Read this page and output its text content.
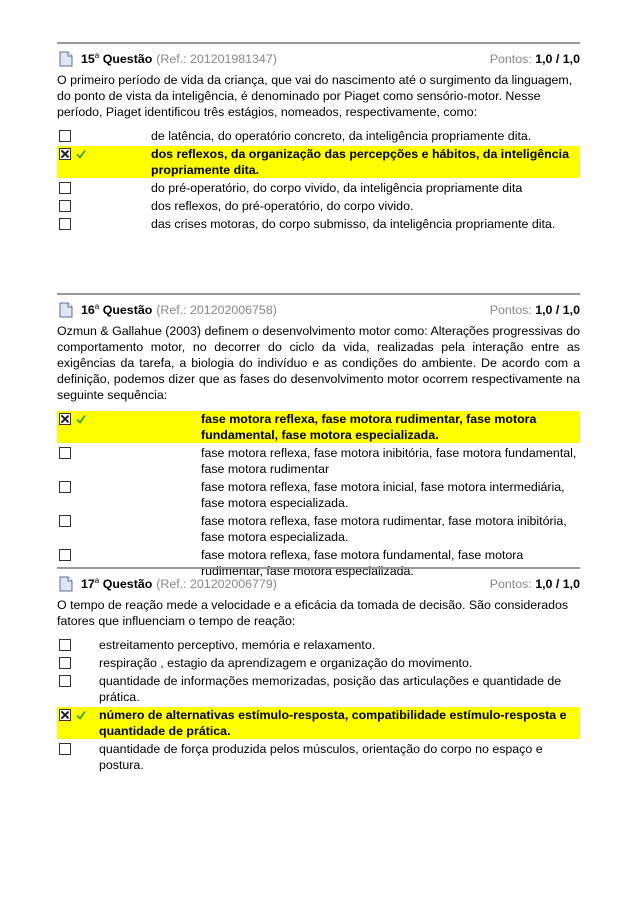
15$^a$ Questão (Ref.: 201201981347)	Pontos: 1,0 / 1,0
O primeiro período de vida da criança, que vai do nascimento até o surgimento da linguagem, do ponto de vista da inteligência, é denominado por Piaget como sensório-motor. Nesse período, Piaget identificou três estágios, nomeados, respectivamente, como:
de latência, do operatório concreto, da inteligência propriamente dita.
dos reflexos, da organização das percepções e hábitos, da inteligência propriamente dita.
do pré-operatório, do corpo vivido, da inteligência propriamente dita
dos reflexos, do pré-operatório, do corpo vivido.
das crises motoras, do corpo submisso, da inteligência propriamente dita.
16$^a$ Questão (Ref.: 201202006758)	Pontos: 1,0 / 1,0
Ozmun & Gallahue (2003) definem o desenvolvimento motor como: Alterações progressivas do comportamento motor, no decorrer do ciclo da vida, realizadas pela interação entre as exigências da tarefa, a biologia do indivíduo e as condições do ambiente. De acordo com a definição, podemos dizer que as fases do desenvolvimento motor ocorrem respectivamente na seguinte sequência:
fase motora reflexa, fase motora rudimentar, fase motora fundamental, fase motora especializada.
fase motora reflexa, fase motora inibitória, fase motora fundamental, fase motora rudimentar
fase motora reflexa, fase motora inicial, fase motora intermediária, fase motora especializada.
fase motora reflexa, fase motora rudimentar, fase motora inibitória, fase motora especializada.
fase motora reflexa, fase motora fundamental, fase motora rudimentar, fase motora especializada.
17$^a$ Questão (Ref.: 201202006779)	Pontos: 1,0 / 1,0
O tempo de reação mede a velocidade e a eficácia da tomada de decisão. São considerados fatores que influenciam o tempo de reação:
estreitamento perceptivo, memória e relaxamento.
respiração , estagio da aprendizagem e organização do movimento.
quantidade de informações memorizadas, posição das articulações e quantidade de prática.
número de alternativas estímulo-resposta, compatibilidade estímulo-resposta e quantidade de prática.
quantidade de força produzida pelos músculos, orientação do corpo no espaço e postura.
